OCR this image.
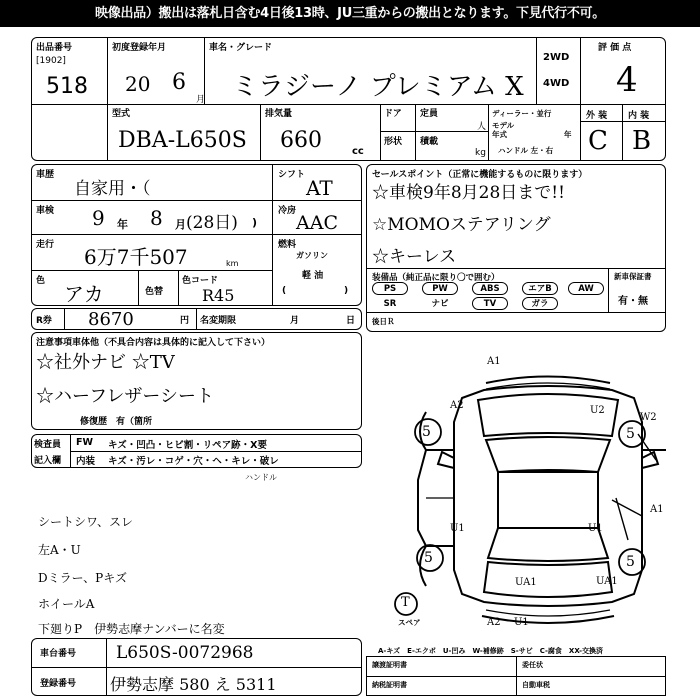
映像出品）搬出は落札日含む4日後13時、JU三重からの搬出となります。下見代行不可。
出品番号
[1902]
518
初度登録年月
20 6
月
車名・グレード
ミラジーノ プレミアム X
2WD
4WD
評 価 点
4
外 装 内 装
C B
型式
DBA-L650S
排気量
660	cc
ドア
形状
定員
人
積載
kg
ディーラー・並行
モデル
年式	年
ハンドル 左・右
車歴
自家用・（
シフト
AT
車検 9 年 8 月 (28日) )
冷房
AAC
走行 6万7千507	km
燃料
ガソリン
軽 油
(	)
色
アカ	色替
色コード
R45
R券 8670	円 名変期限	月	日
セールスポイント（正常に機能するものに限ります）
☆車検9年8月28日まで!!
☆MOMOステアリング
☆キーレス
装備品（純正品に限り〇で囲む）	新車保証書
有・無
PS	PW	ABS	エアB	AW
SR	ナビ	TV	ガラ
後日Ｒ
注意事項車体他（不具合内容は具体的に記入して下さい）
☆社外ナビ ☆TV
☆ハーフレザーシート
修復歴　有（箇所
検査員
記入欄
FW キズ・凹凸・ヒビ割・リペア跡・X要
内装 キズ・汚レ・コゲ・穴・ヘ・キレ・破レ
ハンドル
シートシワ、スレ
左A・U
Dミラー、Pキズ
ホイールA
下廻りP　伊勢志摩ナンバーに名変
車台番号 L650S-0072968
登録番号 伊勢志摩 580 え 5311
A1
A2	U2
W2
U1	U1
UA1
A1
UA1
A2 U1
5	5
5	5
T
スペア
A-キズ　E-エクボ　U-凹み　W-補修跡　S-サビ　C-腐食　XX-交換済
譲渡証明書	委任状
納税証明書	自動車税
